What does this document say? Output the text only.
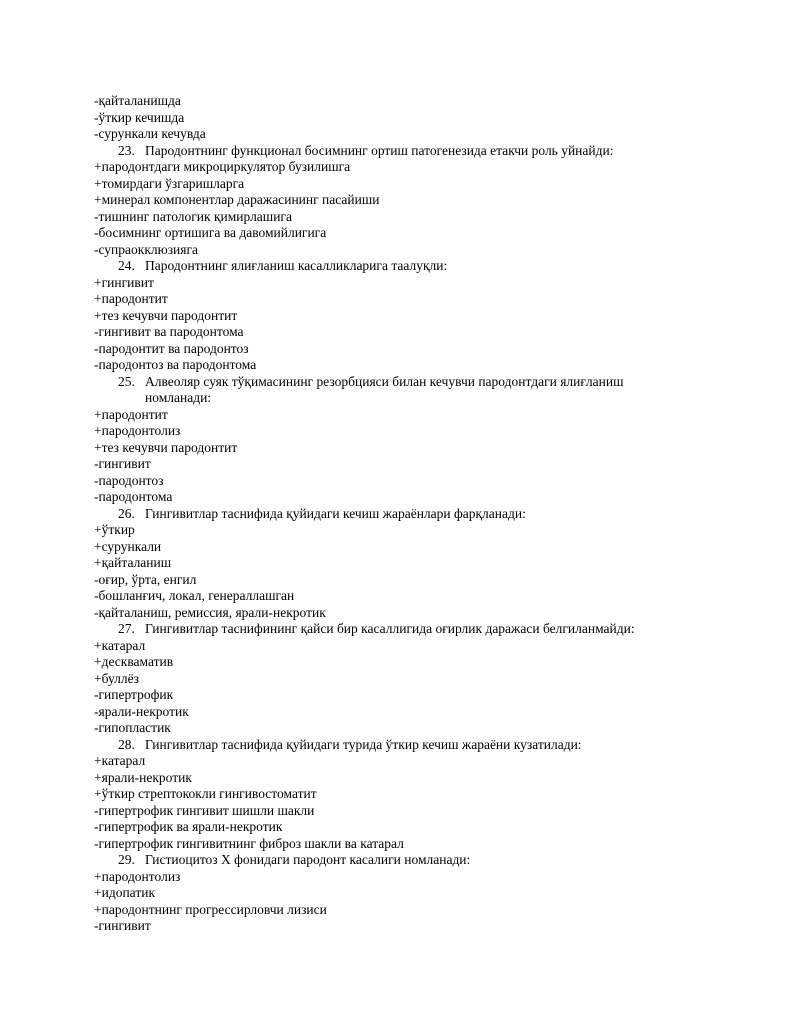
-қайталанишда
-ўткир кечишда
-сурункали кечувда
23. Пародонтнинг функционал босимнинг ортиш патогенезида етакчи роль уйнайди:
+пародонтдаги микроциркулятор бузилишга
+томирдаги ўзгаришларга
+минерал компонентлар даражасининг пасайиши
-тишнинг патологик қимирлашига
-босимнинг ортишига ва давомийлигига
-супраокклюзияга
24. Пародонтнинг ялиғланиш касалликларига таалуқли:
+гингивит
+пародонтит
+тез кечувчи пародонтит
-гингивит ва пародонтома
-пародонтит ва пародонтоз
-пародонтоз ва пародонтома
25. Алвеоляр суяк тўқимасининг резорбцияси билан кечувчи пародонтдаги ялиғланиш номланади:
+пародонтит
+пародонтолиз
+тез кечувчи пародонтит
-гингивит
-пародонтоз
-пародонтома
26. Гингивитлар таснифида қуйидаги кечиш жараёнлари фарқланади:
+ўткир
+сурункали
+қайталаниш
-оғир, ўрта, енгил
-бошланғич, локал, генераллашган
-қайталаниш, ремиссия, ярали-некротик
27. Гингивитлар таснифининг қайси бир касаллигида оғирлик даражаси белгиланмайди:
+катарал
+дескваматив
+буллёз
-гипертрофик
-ярали-некротик
-гипопластик
28. Гингивитлар таснифида қуйидаги турида ўткир кечиш жараёни кузатилади:
+катарал
+ярали-некротик
+ўткир стрептококли гингивостоматит
-гипертрофик гингивит шишли шакли
-гипертрофик ва ярали-некротик
-гипертрофик гингивитнинг фиброз шакли ва катарал
29. Гистиоцитоз Х фонидаги пародонт касалиги номланади:
+пародонтолиз
+идопатик
+пародонтнинг прогрессирловчи лизиси
-гингивит
